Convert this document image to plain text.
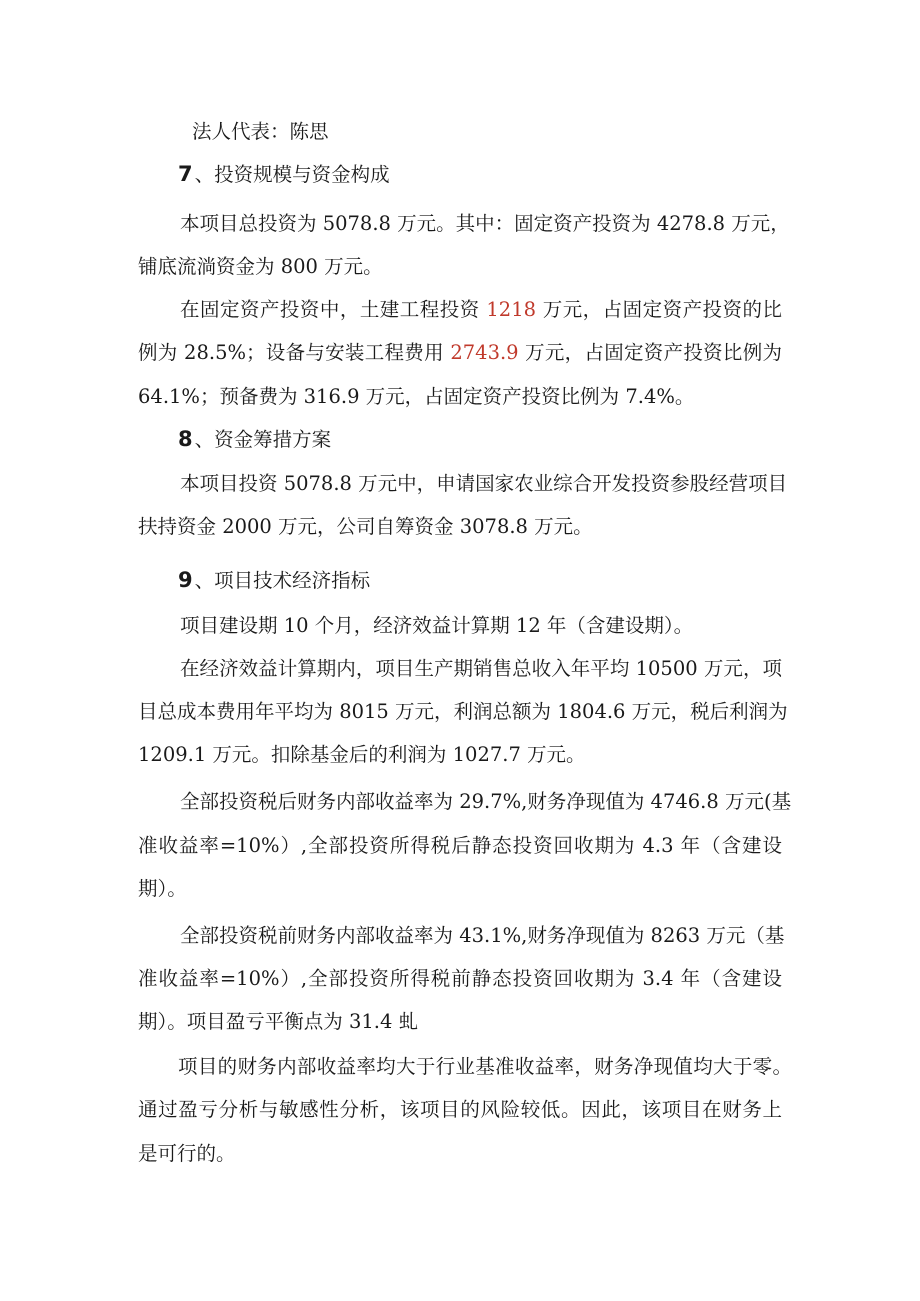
法人代表：陈思
7 、投资规模与资金构成
本项目总投资为 5078.8 万元。其中：固定资产投资为 4278.8 万元，
铺底流淌资金为 800 万元。
在固定资产投资中，土建工程投资 1218 万元，占固定资产投资的比
例为 28.5%；设备与安装工程费用 2743.9 万元，占固定资产投资比例为
64.1%；预备费为 316.9 万元，占固定资产投资比例为 7.4%。
8 、资金筹措方案
本项目投资 5078.8 万元中，申请国家农业综合开发投资参股经营项目
扶持资金 2000 万元，公司自筹资金 3078.8 万元。
9 、项目技术经济指标
项目建设期 10 个月，经济效益计算期 12 年（含建设期）。
在经济效益计算期内，项目生产期销售总收入年平均 10500 万元，项
目总成本费用年平均为 8015 万元，利润总额为 1804.6 万元，税后利润为
1209.1 万元。扣除基金后的利润为 1027.7 万元。
全部投资税后财务内部收益率为 29.7%,财务净现值为 4746.8 万元(基
准收益率=10%）,全部投资所得税后静态投资回收期为 4.3 年（含建设
期）。
全部投资税前财务内部收益率为 43.1%,财务净现值为 8263 万元（基
准收益率=10%）,全部投资所得税前静态投资回收期为 3.4 年（含建设
期）。项目盈亏平衡点为 31.4 虬
项目的财务内部收益率均大于行业基准收益率，财务净现值均大于零。
通过盈亏分析与敏感性分析，该项目的风险较低。因此，该项目在财务上
是可行的。
